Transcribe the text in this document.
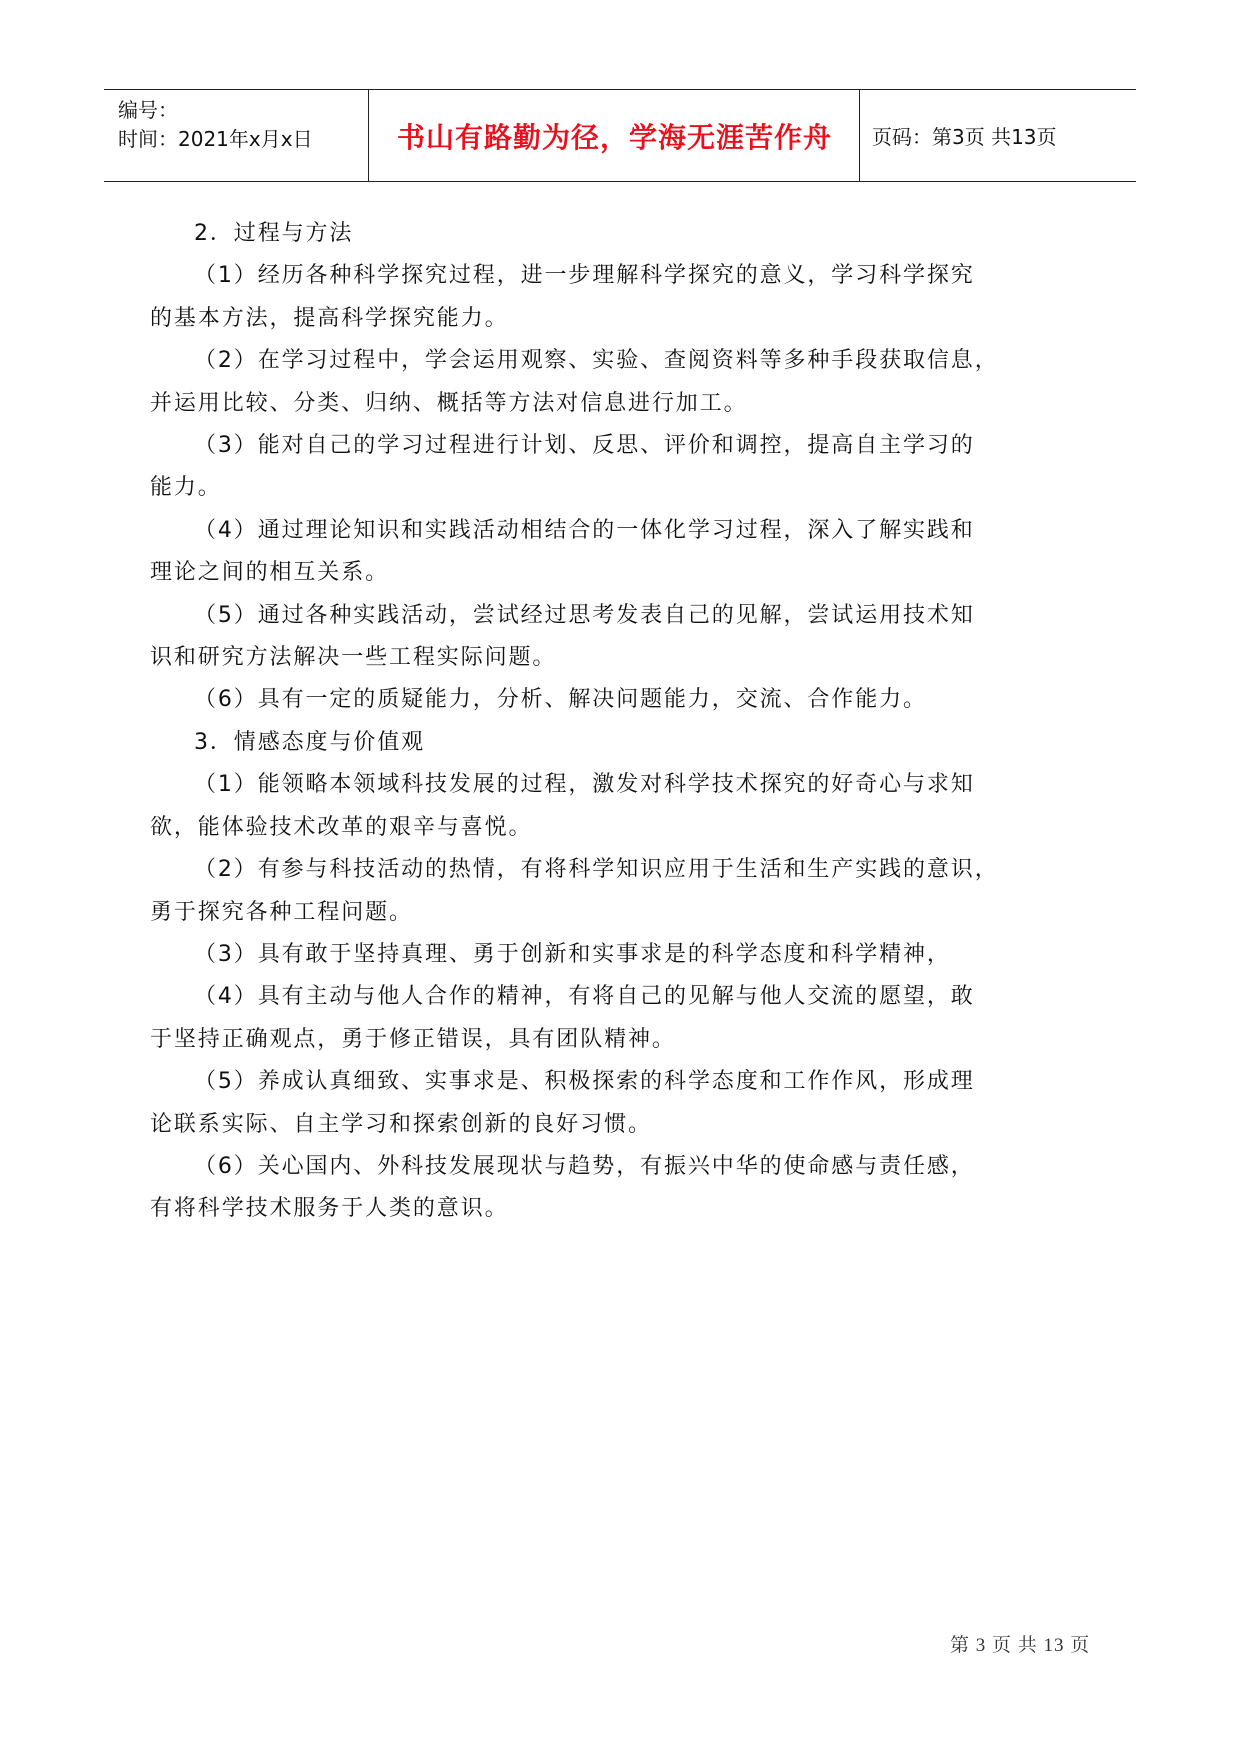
编号：
时间：2021年x月x日	书山有路勤为径，学海无涯苦作舟	页码：第3页 共13页

2．过程与方法

（1）经历各种科学探究过程，进一步理解科学探究的意义，学习科学探究

的基本方法，提高科学探究能力。

（2）在学习过程中，学会运用观察、实验、查阅资料等多种手段获取信息，

并运用比较、分类、归纳、概括等方法对信息进行加工。

（3）能对自己的学习过程进行计划、反思、评价和调控，提高自主学习的

能力。

（4）通过理论知识和实践活动相结合的一体化学习过程，深入了解实践和

理论之间的相互关系。

（5）通过各种实践活动，尝试经过思考发表自己的见解，尝试运用技术知

识和研究方法解决一些工程实际问题。

（6）具有一定的质疑能力，分析、解决问题能力，交流、合作能力。

3．情感态度与价值观

（1）能领略本领域科技发展的过程，激发对科学技术探究的好奇心与求知

欲，能体验技术改革的艰辛与喜悦。

（2）有参与科技活动的热情，有将科学知识应用于生活和生产实践的意识，

勇于探究各种工程问题。

（3）具有敢于坚持真理、勇于创新和实事求是的科学态度和科学精神，

（4）具有主动与他人合作的精神，有将自己的见解与他人交流的愿望，敢

于坚持正确观点，勇于修正错误，具有团队精神。

（5）养成认真细致、实事求是、积极探索的科学态度和工作作风，形成理

论联系实际、自主学习和探索创新的良好习惯。

（6）关心国内、外科技发展现状与趋势，有振兴中华的使命感与责任感，

有将科学技术服务于人类的意识。

第 3 页 共 13 页
